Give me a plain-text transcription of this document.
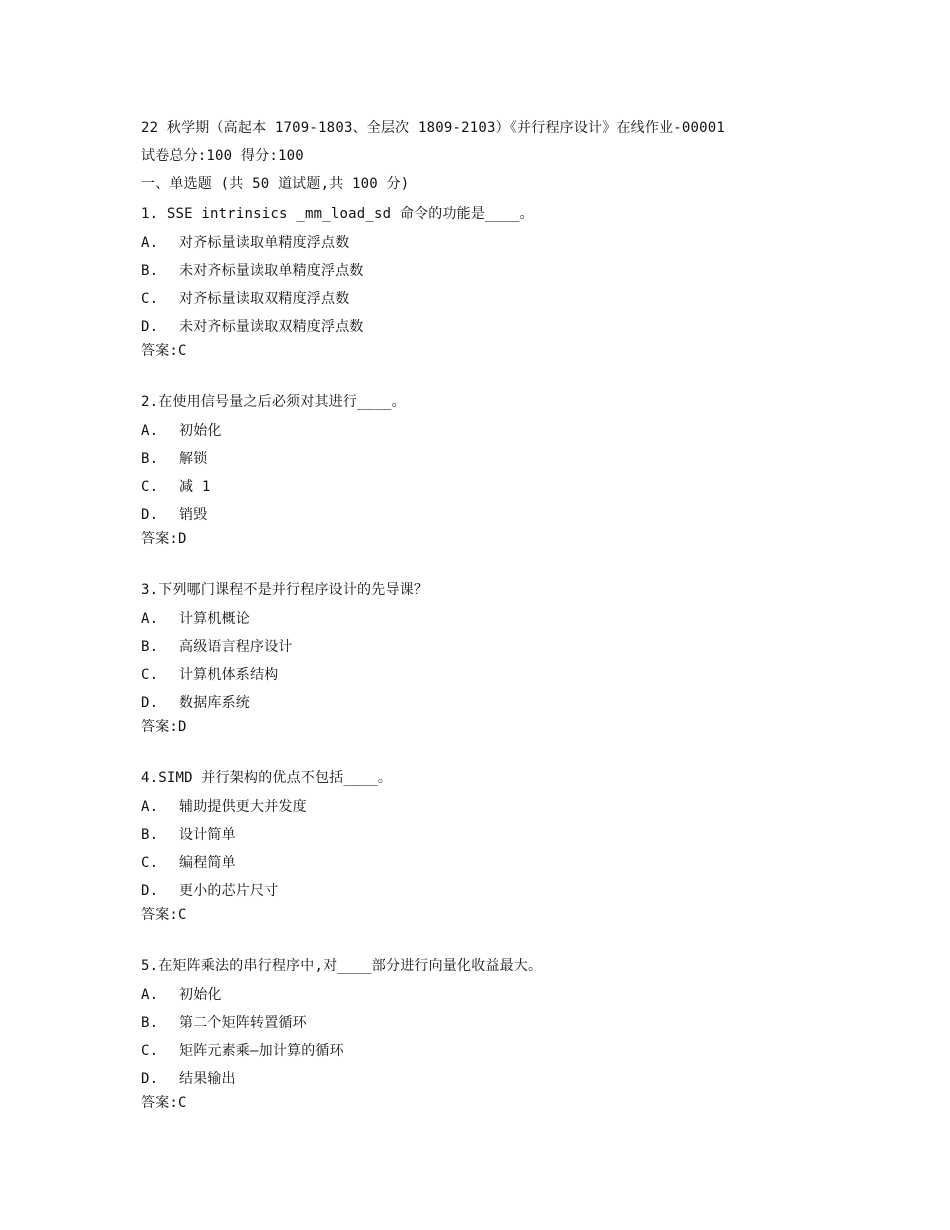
22 秋学期（高起本 1709-1803、全层次 1809-2103）《并行程序设计》在线作业-00001
试卷总分:100 得分:100
一、单选题 (共 50 道试题,共 100 分)
1. SSE intrinsics _mm_load_sd 命令的功能是____。
A.	对齐标量读取单精度浮点数
B.	未对齐标量读取单精度浮点数
C.	对齐标量读取双精度浮点数
D.	未对齐标量读取双精度浮点数
答案:C
2.在使用信号量之后必须对其进行____。
A.	初始化
B.	解锁
C.	减 1
D.	销毁
答案:D
3.下列哪门课程不是并行程序设计的先导课？
A.	计算机概论
B.	高级语言程序设计
C.	计算机体系结构
D.	数据库系统
答案:D
4.SIMD 并行架构的优点不包括____。
A.	辅助提供更大并发度
B.	设计简单
C.	编程简单
D.	更小的芯片尺寸
答案:C
5.在矩阵乘法的串行程序中,对____部分进行向量化收益最大。
A.	初始化
B.	第二个矩阵转置循环
C.	矩阵元素乘—加计算的循环
D.	结果输出
答案:C
